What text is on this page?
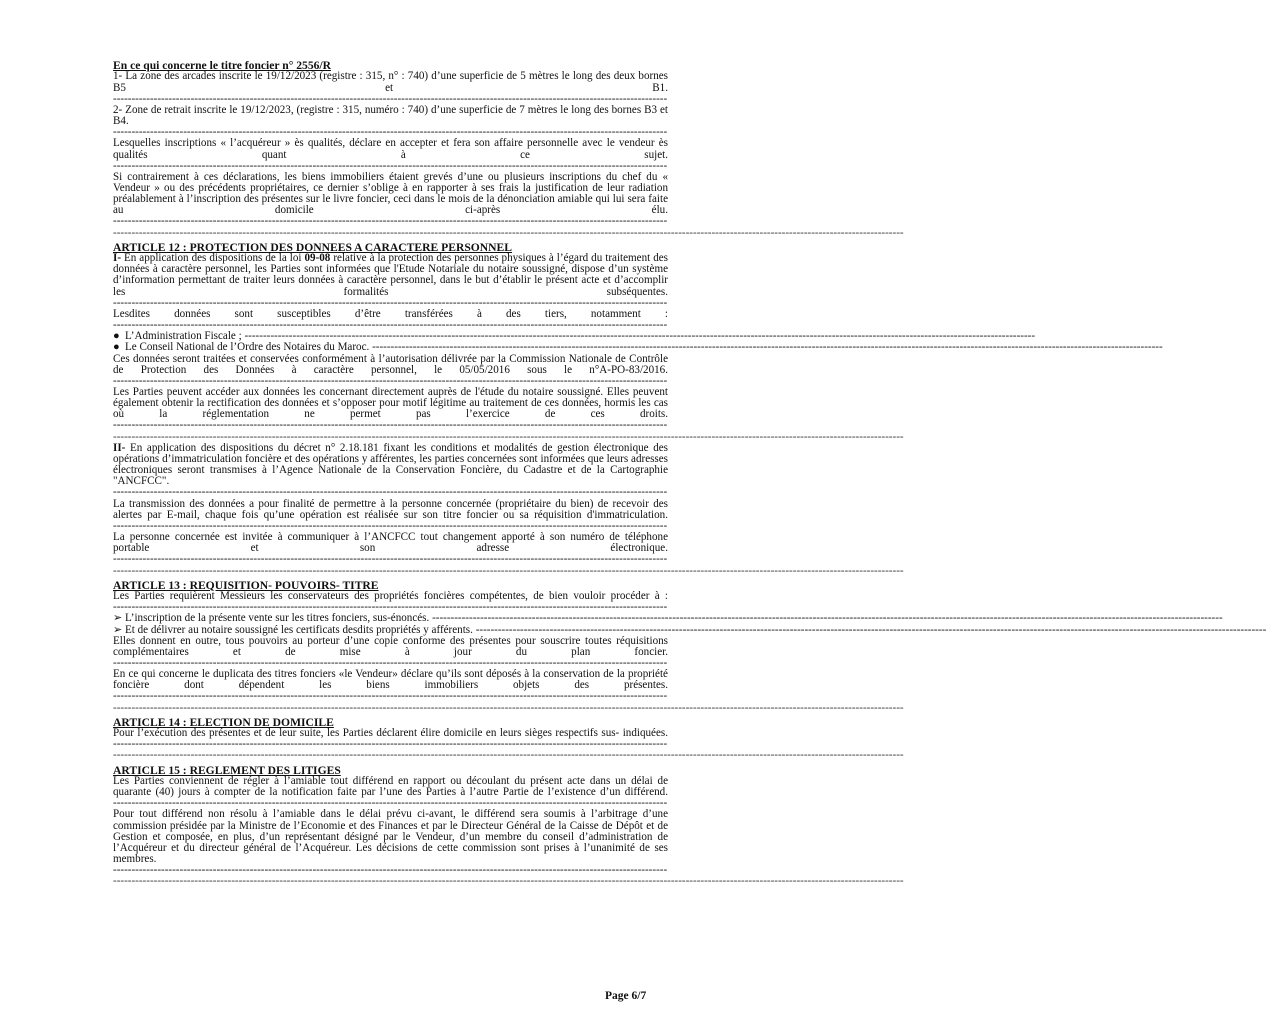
En ce qui concerne le titre foncier n° 2556/R

1- La zone des arcades inscrite le 19/12/2023 (registre : 315, n° : 740) d’une superficie de 5 mètres le long des deux bornes B5 et B1. ------------------------------------------------------------------------------------------------------------------------------------------------------

2- Zone de retrait inscrite le 19/12/2023, (registre : 315, numéro : 740) d’une superficie de 7 mètres le long des bornes B3 et B4. ------------------------------------------------------------------------------------------------------------------------------------------------------

Lesquelles inscriptions « l’acquéreur » ès qualités, déclare en accepter et fera son affaire personnelle avec le vendeur ès qualités quant à ce sujet. ------------------------------------------------------------------------------------------------------------------------------------------------------

Si contrairement à ces déclarations, les biens immobiliers étaient grevés d’une ou plusieurs inscriptions du chef du « Vendeur » ou des précédents propriétaires, ce dernier s’oblige à en rapporter à ses frais la justification de leur radiation préalablement à l’inscription des présentes sur le livre foncier, ceci dans le mois de la dénonciation amiable qui lui sera faite au domicile ci-après élu. ------------------------------------------------------------------------------------------------------------------------------------------------------

----------------------------------------------------------------------------------------------------------------------------------------------------------------------------------------------------------------------

ARTICLE 12 : PROTECTION DES DONNEES A CARACTERE PERSONNEL

I- En application des dispositions de la loi 09-08 relative à la protection des personnes physiques à l’égard du traitement des données à caractère personnel, les Parties sont informées que l'Etude Notariale du notaire soussigné, dispose d’un système d’information permettant de traiter leurs données à caractère personnel, dans le but d’établir le présent acte et d’accomplir les formalités subséquentes. ------------------------------------------------------------------------------------------------------------------------------------------------------

Lesdites données sont susceptibles d’être transférées à des tiers, notamment : ------------------------------------------------------------------------------------------------------------------------------------------------------

● L’Administration Fiscale ;
----------------------------------------------------------------------------------------------------------------------------------------------------------------------------------------------------------------------
● Le Conseil National de l’Ordre des Notaires du Maroc.
----------------------------------------------------------------------------------------------------------------------------------------------------------------------------------------------------------------------

Ces données seront traitées et conservées conformément à l’autorisation délivrée par la Commission Nationale de Contrôle de Protection des Données à caractère personnel, le 05/05/2016 sous le n°A-PO-83/2016. ------------------------------------------------------------------------------------------------------------------------------------------------------

Les Parties peuvent accéder aux données les concernant directement auprès de l'étude du notaire soussigné. Elles peuvent également obtenir la rectification des données et s’opposer pour motif légitime au traitement de ces données, hormis les cas où la réglementation ne permet pas l’exercice de ces droits. ------------------------------------------------------------------------------------------------------------------------------------------------------

----------------------------------------------------------------------------------------------------------------------------------------------------------------------------------------------------------------------

II- En application des dispositions du décret n° 2.18.181 fixant les conditions et modalités de gestion électronique des opérations d’immatriculation foncière et des opérations y afférentes, les parties concernées sont informées que leurs adresses électroniques seront transmises à l’Agence Nationale de la Conservation Foncière, du Cadastre et de la Cartographie "ANCFCC". ------------------------------------------------------------------------------------------------------------------------------------------------------

La transmission des données a pour finalité de permettre à la personne concernée (propriétaire du bien) de recevoir des alertes par E-mail, chaque fois qu’une opération est réalisée sur son titre foncier ou sa réquisition d'immatriculation. ------------------------------------------------------------------------------------------------------------------------------------------------------

La personne concernée est invitée à communiquer à l’ANCFCC tout changement apporté à son numéro de téléphone portable et son adresse électronique. ------------------------------------------------------------------------------------------------------------------------------------------------------

----------------------------------------------------------------------------------------------------------------------------------------------------------------------------------------------------------------------

ARTICLE 13 : REQUISITION- POUVOIRS- TITRE

Les Parties requièrent Messieurs les conservateurs des propriétés foncières compétentes, de bien vouloir procéder à : ------------------------------------------------------------------------------------------------------------------------------------------------------

➢ L’inscription de la présente vente sur les titres fonciers, sus-énoncés.
----------------------------------------------------------------------------------------------------------------------------------------------------------------------------------------------------------------------
➢ Et de délivrer au notaire soussigné les certificats desdits propriétés y afférents.
----------------------------------------------------------------------------------------------------------------------------------------------------------------------------------------------------------------------

Elles donnent en outre, tous pouvoirs au porteur d’une copie conforme des présentes pour souscrire toutes réquisitions complémentaires et de mise à jour du plan foncier. ------------------------------------------------------------------------------------------------------------------------------------------------------

En ce qui concerne le duplicata des titres fonciers «le Vendeur» déclare qu’ils sont déposés à la conservation de la propriété foncière dont dépendent les biens immobiliers objets des présentes. ------------------------------------------------------------------------------------------------------------------------------------------------------

----------------------------------------------------------------------------------------------------------------------------------------------------------------------------------------------------------------------

ARTICLE 14 : ELECTION DE DOMICILE

Pour l’exécution des présentes et de leur suite, les Parties déclarent élire domicile en leurs sièges respectifs sus- indiquées. ------------------------------------------------------------------------------------------------------------------------------------------------------

----------------------------------------------------------------------------------------------------------------------------------------------------------------------------------------------------------------------

ARTICLE 15 : REGLEMENT DES LITIGES

Les Parties conviennent de régler à l’amiable tout différend en rapport ou découlant du présent acte dans un délai de quarante (40) jours à compter de la notification faite par l’une des Parties à l’autre Partie de l’existence d’un différend. ------------------------------------------------------------------------------------------------------------------------------------------------------

Pour tout différend non résolu à l’amiable dans le délai prévu ci-avant, le différend sera soumis à l’arbitrage d’une commission présidée par la Ministre de l’Economie et des Finances et par le Directeur Général de la Caisse de Dépôt et de Gestion et composée, en plus, d’un représentant désigné par le Vendeur, d’un membre du conseil d’administration de l’Acquéreur et du directeur général de l’Acquéreur. Les décisions de cette commission sont prises à l’unanimité de ses membres. ------------------------------------------------------------------------------------------------------------------------------------------------------

----------------------------------------------------------------------------------------------------------------------------------------------------------------------------------------------------------------------
Page 6/7
